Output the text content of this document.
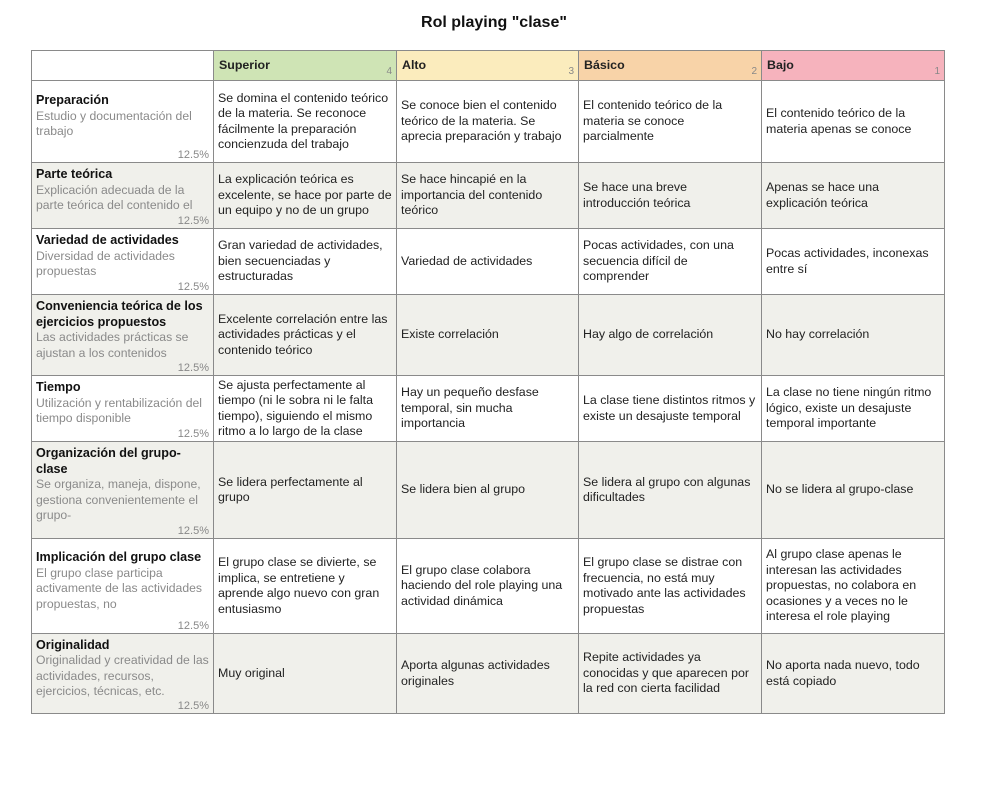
Rol playing "clase"

	Superior 4	Alto 3	Básico 2	Bajo 1

Preparación
Estudio y documentación del trabajo
12.5%	Se domina el contenido teórico de la materia. Se reconoce fácilmente la preparación concienzuda del trabajo	Se conoce bien el contenido teórico de la materia. Se aprecia preparación y trabajo	El contenido teórico de la materia se conoce parcialmente	El contenido teórico de la materia apenas se conoce

Parte teórica
Explicación adecuada de la parte teórica del contenido el
12.5%	La explicación teórica es excelente, se hace por parte de un equipo y no de un grupo	Se hace hincapié en la importancia del contenido teórico	Se hace una breve introducción teórica	Apenas se hace una explicación teórica

Variedad de actividades
Diversidad de actividades propuestas
12.5%	Gran variedad de actividades, bien secuenciadas y estructuradas	Variedad de actividades	Pocas actividades, con una secuencia difícil de comprender	Pocas actividades, inconexas entre sí

Conveniencia teórica de los ejercicios propuestos
Las actividades prácticas se ajustan a los contenidos
12.5%	Excelente correlación entre las actividades prácticas y el contenido teórico	Existe correlación	Hay algo de correlación	No hay correlación

Tiempo
Utilización y rentabilización del tiempo disponible
12.5%	Se ajusta perfectamente al tiempo (ni le sobra ni le falta tiempo), siguiendo el mismo ritmo a lo largo de la clase	Hay un pequeño desfase temporal, sin mucha importancia	La clase tiene distintos ritmos y existe un desajuste temporal	La clase no tiene ningún ritmo lógico, existe un desajuste temporal importante

Organización del grupo-clase
Se organiza, maneja, dispone, gestiona convenientemente el grupo-
12.5%	Se lidera perfectamente al grupo	Se lidera bien al grupo	Se lidera al grupo con algunas dificultades	No se lidera al grupo-clase

Implicación del grupo clase
El grupo clase participa activamente de las actividades propuestas, no
12.5%	El grupo clase se divierte, se implica, se entretiene y aprende algo nuevo con gran entusiasmo	El grupo clase colabora haciendo del role playing una actividad dinámica	El grupo clase se distrae con frecuencia, no está muy motivado ante las actividades propuestas	Al grupo clase apenas le interesan las actividades propuestas, no colabora en ocasiones y a veces no le interesa el role playing

Originalidad
Originalidad y creatividad de las actividades, recursos, ejercicios, técnicas, etc.
12.5%	Muy original	Aporta algunas actividades originales	Repite actividades ya conocidas y que aparecen por la red con cierta facilidad	No aporta nada nuevo, todo está copiado
